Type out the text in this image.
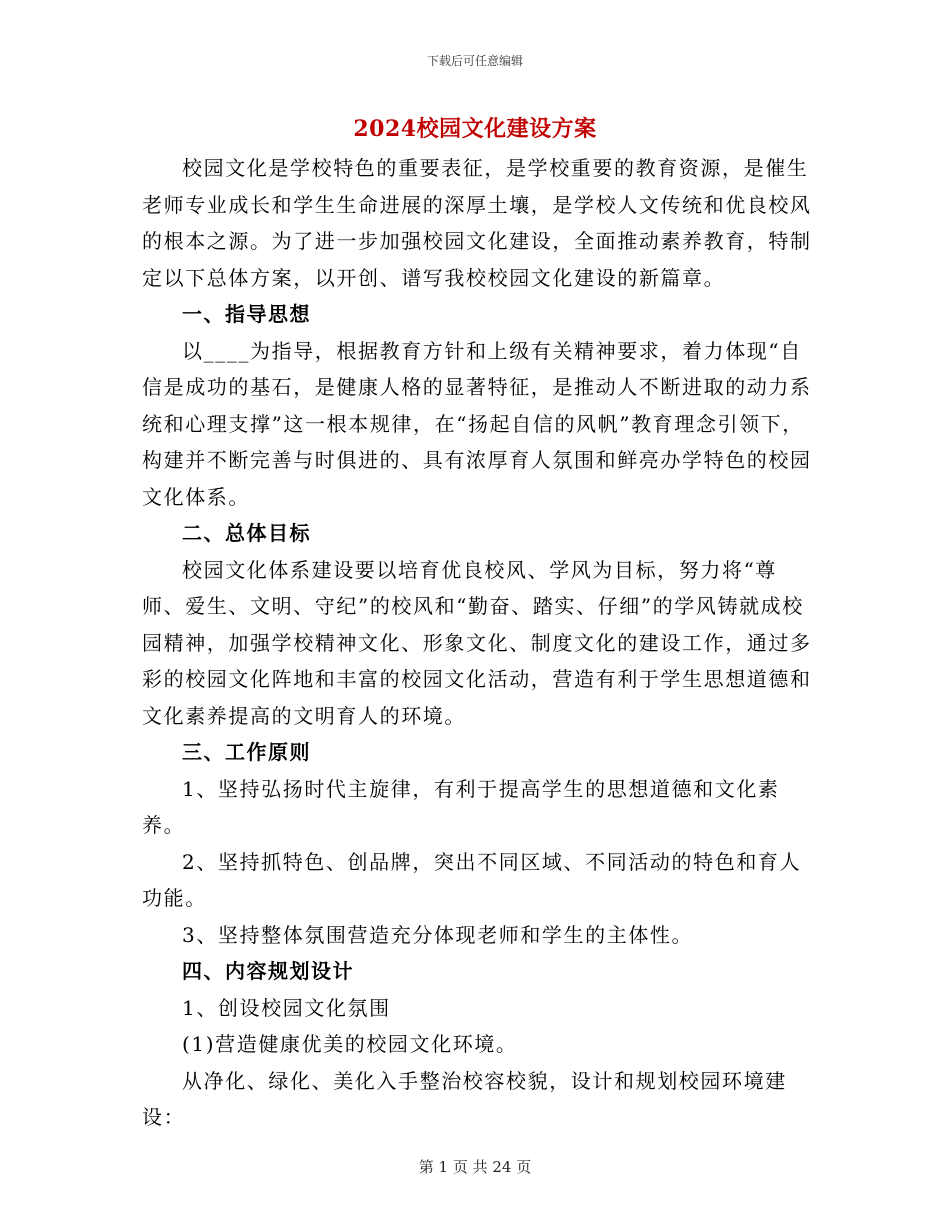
下载后可任意编辑
2024校园文化建设方案

校园文化是学校特色的重要表征，是学校重要的教育资源，是催生老师专业成长和学生生命进展的深厚土壤，是学校人文传统和优良校风的根本之源。为了进一步加强校园文化建设，全面推动素养教育，特制定以下总体方案，以开创、谱写我校校园文化建设的新篇章。

一、指导思想

以____为指导，根据教育方针和上级有关精神要求，着力体现“自信是成功的基石，是健康人格的显著特征，是推动人不断进取的动力系统和心理支撑”这一根本规律，在“扬起自信的风帆”教育理念引领下，构建并不断完善与时俱进的、具有浓厚育人氛围和鲜亮办学特色的校园文化体系。

二、总体目标

校园文化体系建设要以培育优良校风、学风为目标，努力将“尊师、爱生、文明、守纪”的校风和“勤奋、踏实、仔细”的学风铸就成校园精神，加强学校精神文化、形象文化、制度文化的建设工作，通过多彩的校园文化阵地和丰富的校园文化活动，营造有利于学生思想道德和文化素养提高的文明育人的环境。

三、工作原则

1、坚持弘扬时代主旋律，有利于提高学生的思想道德和文化素养。

2、坚持抓特色、创品牌，突出不同区域、不同活动的特色和育人功能。

3、坚持整体氛围营造充分体现老师和学生的主体性。

四、内容规划设计

1、创设校园文化氛围

(1)营造健康优美的校园文化环境。

从净化、绿化、美化入手整治校容校貌，设计和规划校园环境建设：

第 1 页 共 24 页
